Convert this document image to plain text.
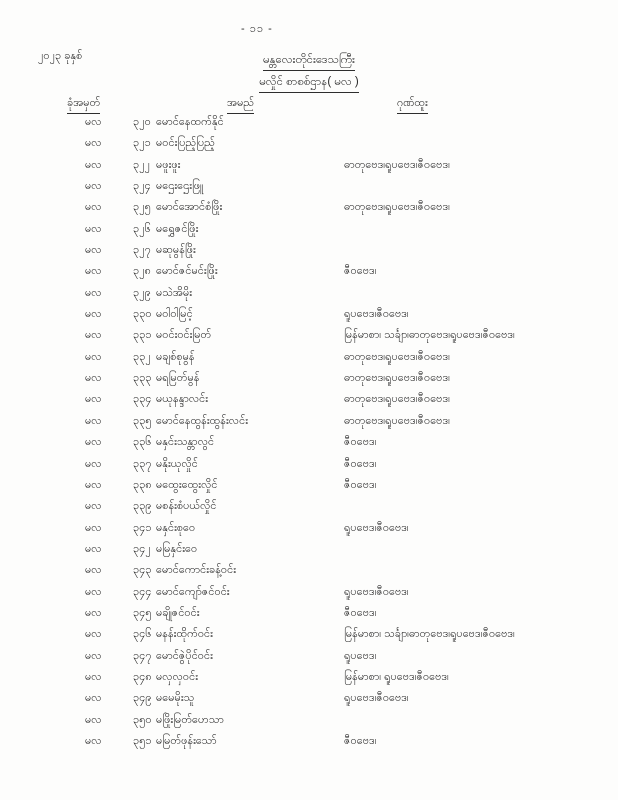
- ၁၁ -
၂၀၂၃ ခုနှစ်	မန္တလေးတိုင်းဒေသကြီး
မလှိုင် စာစစ်ဌာန( မလ )
ခုံအမှတ်	အမည်	ဂုဏ်ထူး
မလ	၃၂၀ မောင်နေထက်နိုင်
မလ	၃၂၁ မဝင်းပြည့်ပြည့်
မလ	၃၂၂ မဖူးဖူး	ဓာတုဗေဒ၊ရူပဗေဒ၊ဇီဝဗေဒ၊
မလ	၃၂၄ မဌေးဌေးဖြူ
မလ	၃၂၅ မောင်အောင်စံဖြိုး	ဓာတုဗေဒ၊ရူပဗေဒ၊ဇီဝဗေဒ၊
မလ	၃၂၆ မရွှေဇင်ဖြိုး
မလ	၃၂၇ မဆုမွန်ဖြိုး
မလ	၃၂၈ မောင်ဇင်မင်းဖြိုး	ဇီဝဗေဒ၊
မလ	၃၂၉ မသဲအိမိုး
မလ	၃၃၀ မဝါဝါမြင့်	ရူပဗေဒ၊ဇီဝဗေဒ၊
မလ	၃၃၁ မဝင်းဝင်းမြတ်	မြန်မာစာ၊ သင်္ချာ၊ဓာတုဗေဒ၊ရူပဗေဒ၊ဇီဝဗေဒ၊
မလ	၃၃၂ မချစ်စုမွန်	ဓာတုဗေဒ၊ရူပဗေဒ၊ဇီဝဗေဒ၊
မလ	၃၃၃ မရမြတ်မွန်	ဓာတုဗေဒ၊ရူပဗေဒ၊ဇီဝဗေဒ၊
မလ	၃၃၄ မယုနန္ဒာလင်း	ဓာတုဗေဒ၊ရူပဗေဒ၊ဇီဝဗေဒ၊
မလ	၃၃၅ မောင်နေထွန်းထွန်းလင်း	ဓာတုဗေဒ၊ရူပဗေဒ၊ဇီဝဗေဒ၊
မလ	၃၃၆ မနှင်းသန္တာလွင်	ဇီဝဗေဒ၊
မလ	၃၃၇ မနိုးယုလှိုင်	ဇီဝဗေဒ၊
မလ	၃၃၈ မထွေးထွေးလှိုင်	ဇီဝဗေဒ၊
မလ	၃၃၉ မစန်းစံပယ်လှိုင်
မလ	၃၄၁ မနှင်းစုဝေ	ရူပဗေဒ၊ဇီဝဗေဒ၊
မလ	၃၄၂ မမြနှင်းဝေ
မလ	၃၄၃ မောင်ကောင်းခန့်ဝင်း
မလ	၃၄၄ မောင်ကျော်ဇင်ဝင်း	ရူပဗေဒ၊ဇီဝဗေဒ၊
မလ	၃၄၅ မချိုဇင်ဝင်း	ဇီဝဗေဒ၊
မလ	၃၄၆ မနန်းထိုက်ဝင်း	မြန်မာစာ၊ သင်္ချာ၊ဓာတုဗေဒ၊ရူပဗေဒ၊ဇီဝဗေဒ၊
မလ	၃၄၇ မောင်ဇွဲပိုင်ဝင်း	ရူပဗေဒ၊
မလ	၃၄၈ မလှလှဝင်း	မြန်မာစာ၊ ရူပဗေဒ၊ဇီဝဗေဒ၊
မလ	၃၄၉ မမေမိုးသူ	ရူပဗေဒ၊ဇီဝဗေဒ၊
မလ	၃၅၀ မဖြိုးမြတ်ဟေသာ
မလ	၃၅၁ မမြတ်ဖုန်းသော်	ဇီဝဗေဒ၊
